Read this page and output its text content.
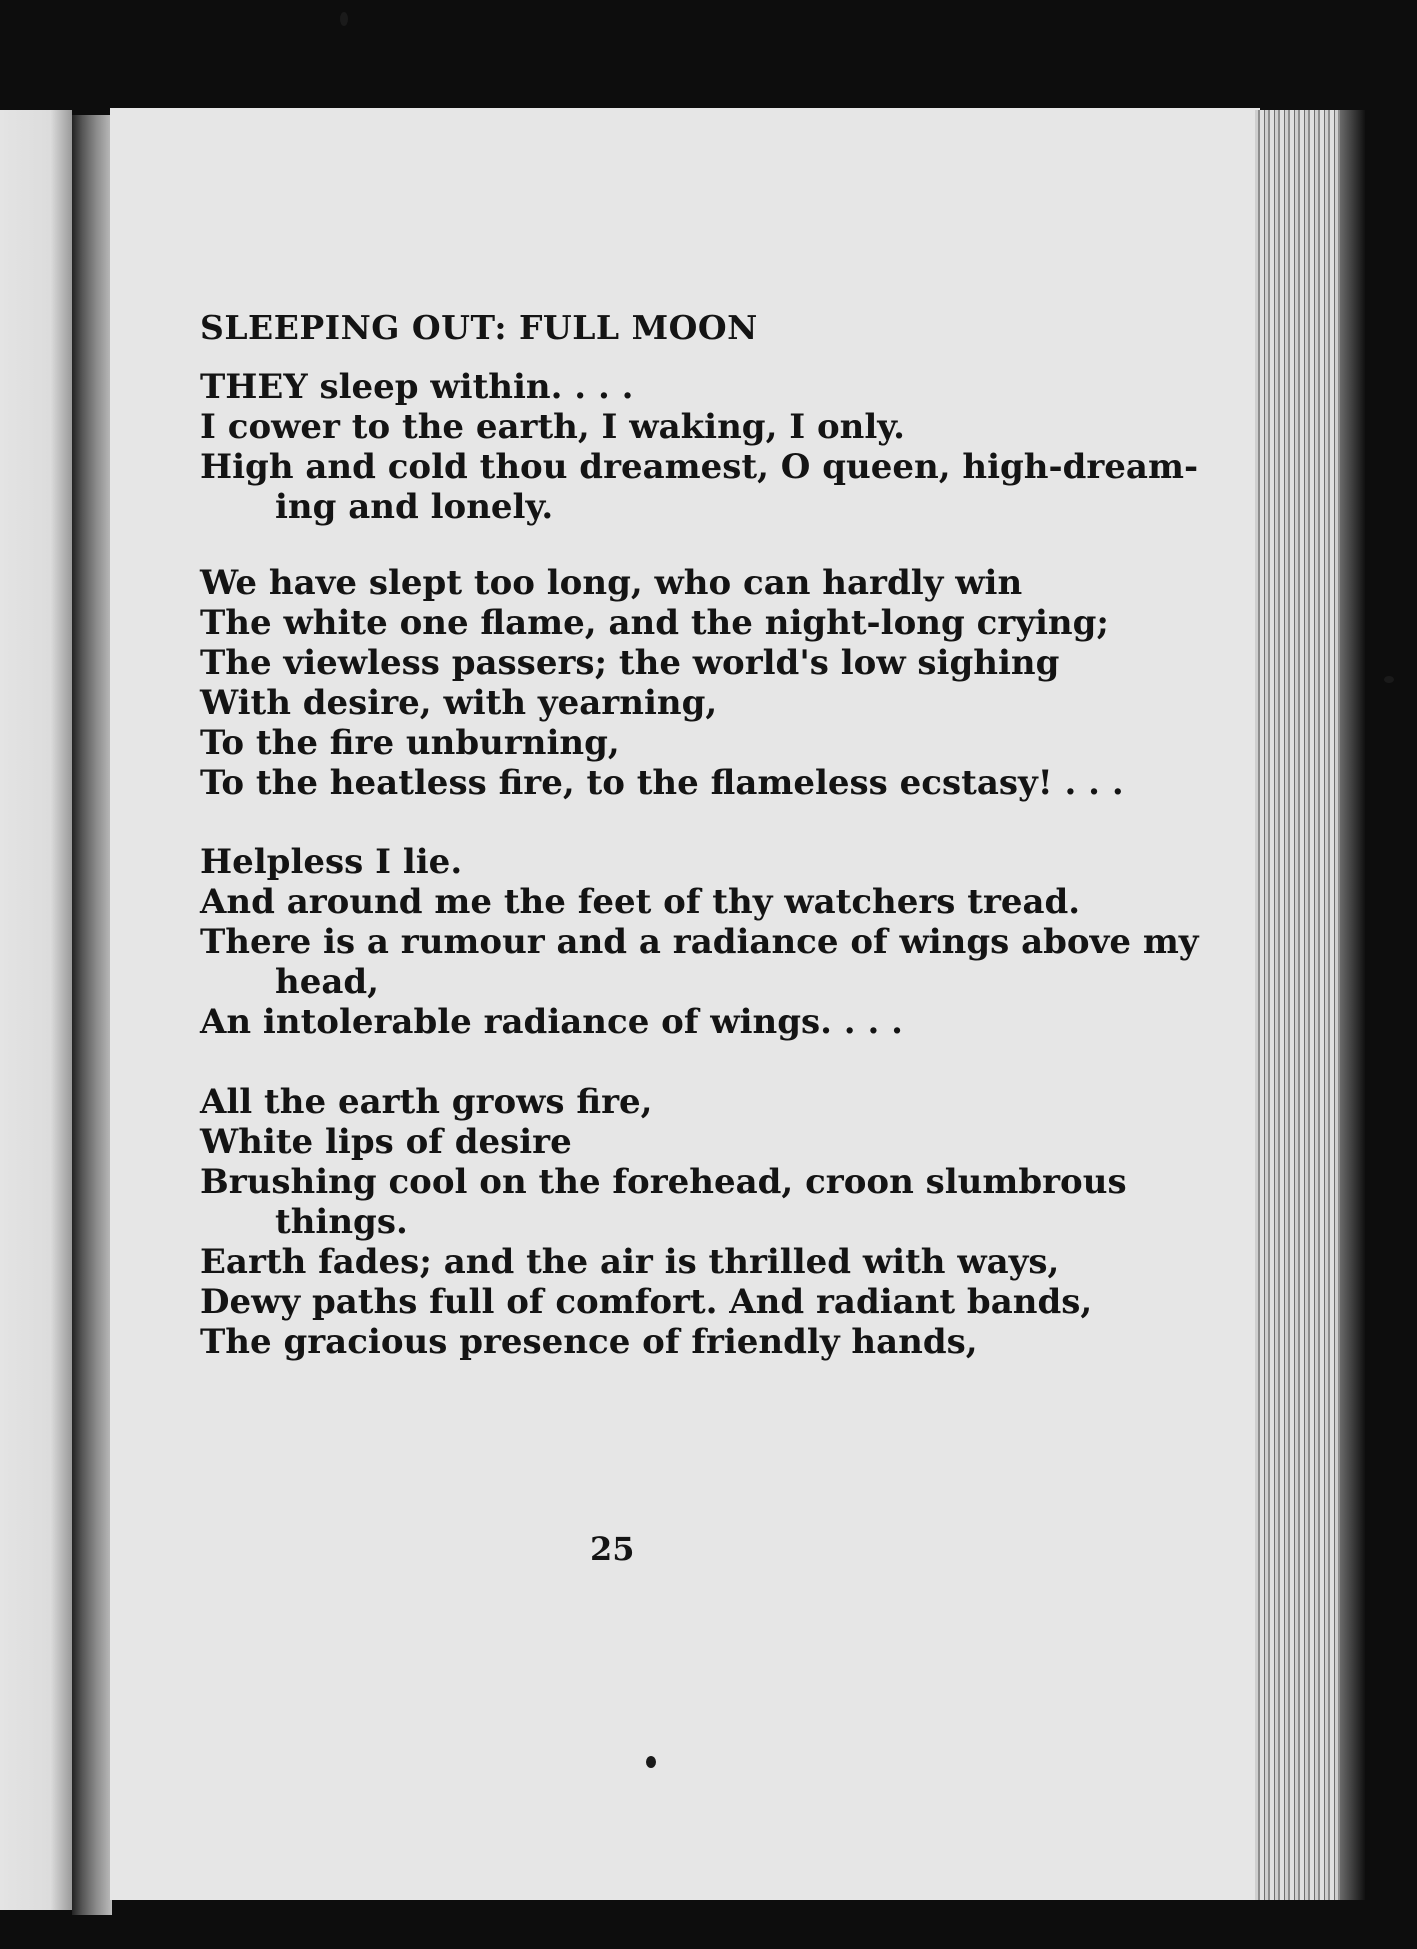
SLEEPING OUT: FULL MOON
THEY sleep within. . . .
I cower to the earth, I waking, I only.
High and cold thou dreamest, O queen, high-dream-
ing and lonely.
We have slept too long, who can hardly win
The white one flame, and the night-long crying;
The viewless passers; the world's low sighing
With desire, with yearning,
To the fire unburning,
To the heatless fire, to the flameless ecstasy! . . .
Helpless I lie.
And around me the feet of thy watchers tread.
There is a rumour and a radiance of wings above my
head,
An intolerable radiance of wings. . . .
All the earth grows fire,
White lips of desire
Brushing cool on the forehead, croon slumbrous
things.
Earth fades; and the air is thrilled with ways,
Dewy paths full of comfort. And radiant bands,
The gracious presence of friendly hands,
25
